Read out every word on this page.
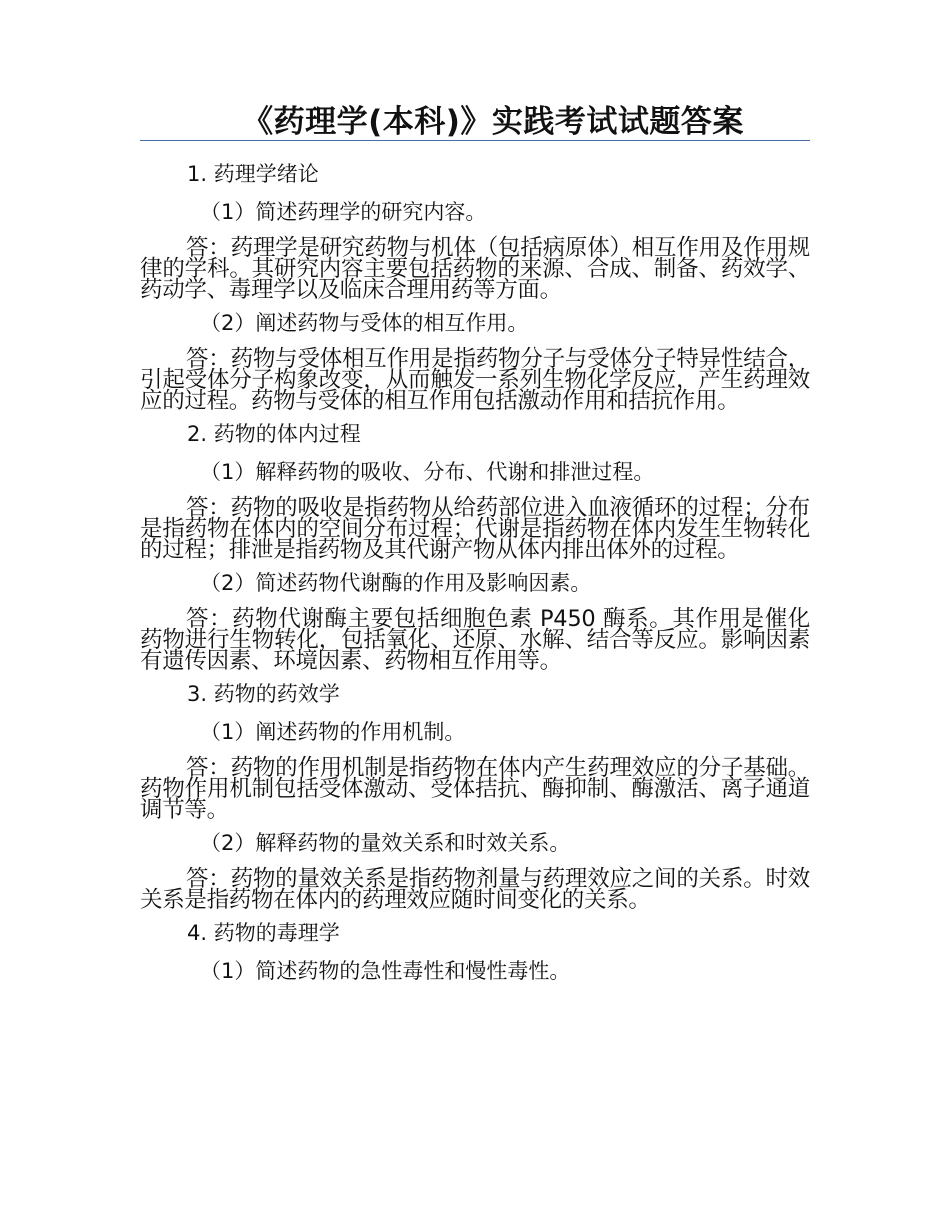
《药理学(本科)》实践考试试题答案
1. 药理学绪论
（1）简述药理学的研究内容。

答：药理学是研究药物与机体（包括病原体）相互作用及作用规律的学科。其研究内容主要包括药物的来源、合成、制备、药效学、药动学、毒理学以及临床合理用药等方面。

（2）阐述药物与受体的相互作用。

答：药物与受体相互作用是指药物分子与受体分子特异性结合，引起受体分子构象改变，从而触发一系列生物化学反应，产生药理效应的过程。药物与受体的相互作用包括激动作用和拮抗作用。

2. 药物的体内过程
（1）解释药物的吸收、分布、代谢和排泄过程。

答：药物的吸收是指药物从给药部位进入血液循环的过程；分布是指药物在体内的空间分布过程；代谢是指药物在体内发生生物转化的过程；排泄是指药物及其代谢产物从体内排出体外的过程。

（2）简述药物代谢酶的作用及影响因素。

答：药物代谢酶主要包括细胞色素 P450 酶系。其作用是催化药物进行生物转化，包括氧化、还原、水解、结合等反应。影响因素有遗传因素、环境因素、药物相互作用等。

3. 药物的药效学
（1）阐述药物的作用机制。

答：药物的作用机制是指药物在体内产生药理效应的分子基础。药物作用机制包括受体激动、受体拮抗、酶抑制、酶激活、离子通道调节等。

（2）解释药物的量效关系和时效关系。

答：药物的量效关系是指药物剂量与药理效应之间的关系。时效关系是指药物在体内的药理效应随时间变化的关系。

4. 药物的毒理学
（1）简述药物的急性毒性和慢性毒性。
